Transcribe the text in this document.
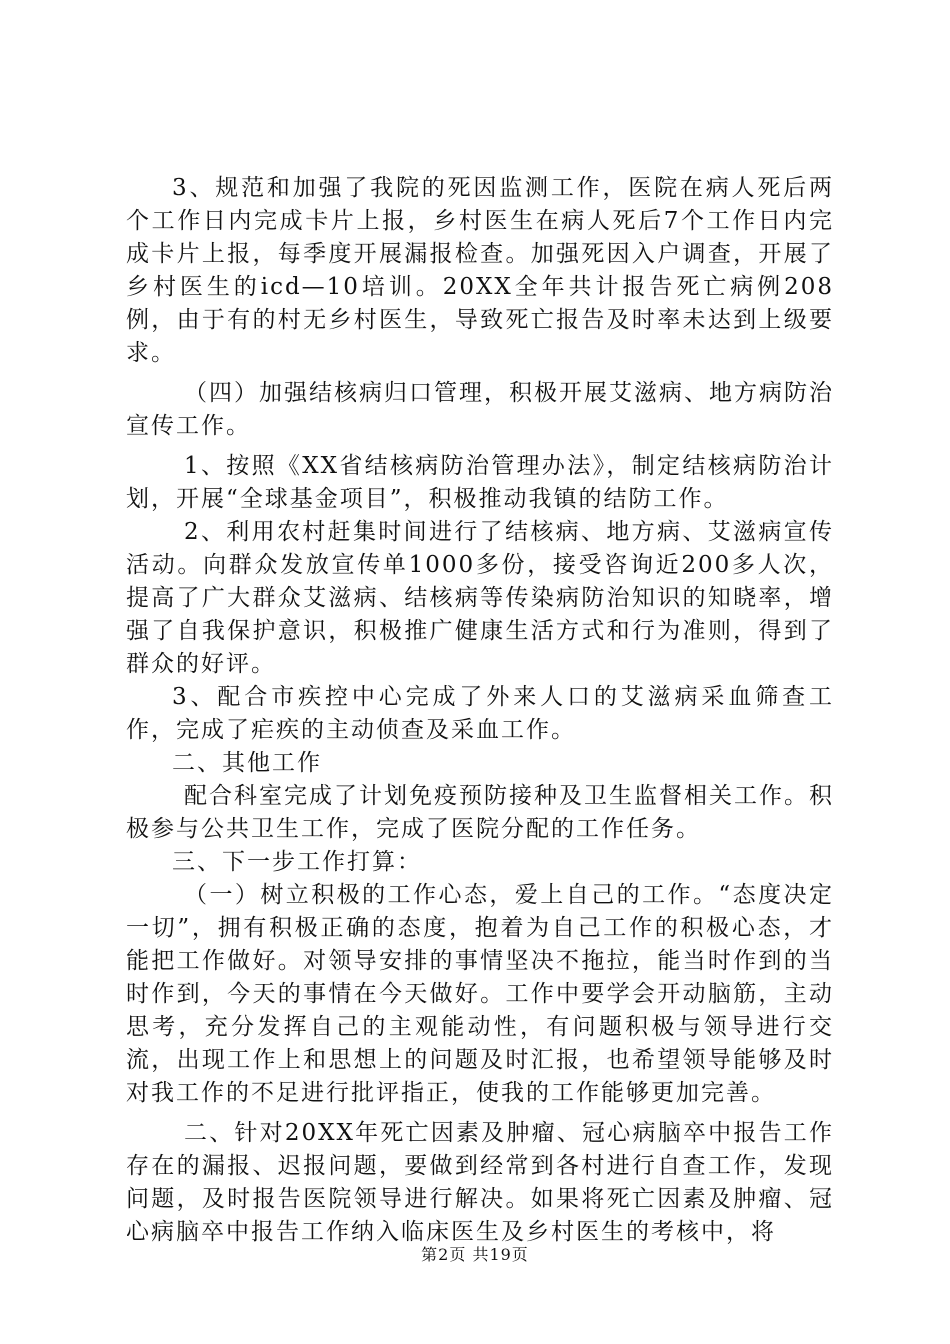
3、规范和加强了我院的死因监测工作，医院在病人死后两个工作日内完成卡片上报，乡村医生在病人死后7个工作日内完成卡片上报，每季度开展漏报检查。加强死因入户调查，开展了乡村医生的icd—10培训。20XX全年共计报告死亡病例208例，由于有的村无乡村医生，导致死亡报告及时率未达到上级要求。

（四）加强结核病归口管理，积极开展艾滋病、地方病防治宣传工作。

1、按照《XX省结核病防治管理办法》，制定结核病防治计划，开展“全球基金项目”，积极推动我镇的结防工作。

2、利用农村赶集时间进行了结核病、地方病、艾滋病宣传活动。向群众发放宣传单1000多份，接受咨询近200多人次，提高了广大群众艾滋病、结核病等传染病防治知识的知晓率，增强了自我保护意识，积极推广健康生活方式和行为准则，得到了群众的好评。

3、配合市疾控中心完成了外来人口的艾滋病采血筛查工作，完成了疟疾的主动侦查及采血工作。

二、其他工作

配合科室完成了计划免疫预防接种及卫生监督相关工作。积极参与公共卫生工作，完成了医院分配的工作任务。

三、下一步工作打算：

（一）树立积极的工作心态，爱上自己的工作。“态度决定一切”，拥有积极正确的态度，抱着为自己工作的积极心态，才能把工作做好。对领导安排的事情坚决不拖拉，能当时作到的当时作到，今天的事情在今天做好。工作中要学会开动脑筋，主动思考，充分发挥自己的主观能动性，有问题积极与领导进行交流，出现工作上和思想上的问题及时汇报，也希望领导能够及时对我工作的不足进行批评指正，使我的工作能够更加完善。

二、针对20XX年死亡因素及肿瘤、冠心病脑卒中报告工作存在的漏报、迟报问题，要做到经常到各村进行自查工作，发现问题，及时报告医院领导进行解决。如果将死亡因素及肿瘤、冠心病脑卒中报告工作纳入临床医生及乡村医生的考核中，将

第2页 共19页
